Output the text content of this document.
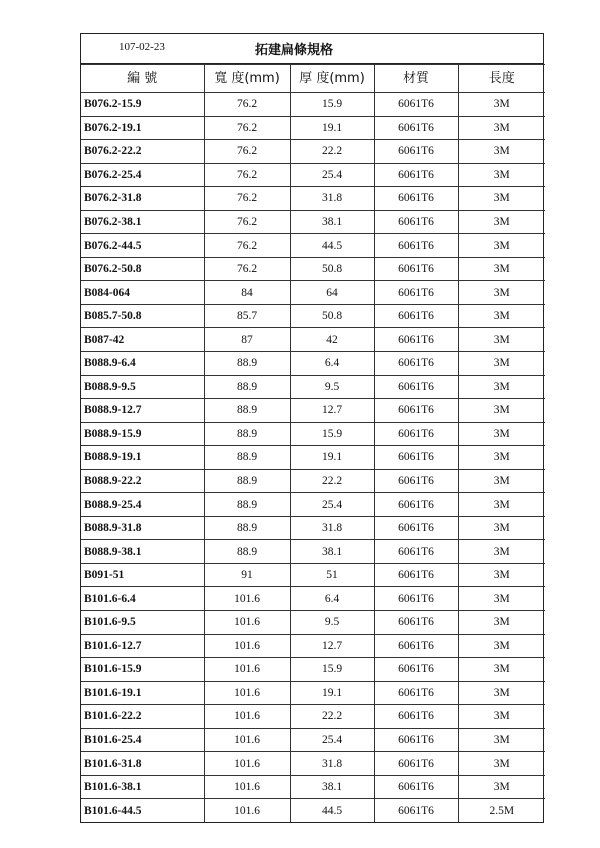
107-02-23	拓建扁條規格
編 號	寬 度(mm)	厚 度(mm)	材質	長度
B076.2-15.9	76.2	15.9	6061T6	3M
B076.2-19.1	76.2	19.1	6061T6	3M
B076.2-22.2	76.2	22.2	6061T6	3M
B076.2-25.4	76.2	25.4	6061T6	3M
B076.2-31.8	76.2	31.8	6061T6	3M
B076.2-38.1	76.2	38.1	6061T6	3M
B076.2-44.5	76.2	44.5	6061T6	3M
B076.2-50.8	76.2	50.8	6061T6	3M
B084-064	84	64	6061T6	3M
B085.7-50.8	85.7	50.8	6061T6	3M
B087-42	87	42	6061T6	3M
B088.9-6.4	88.9	6.4	6061T6	3M
B088.9-9.5	88.9	9.5	6061T6	3M
B088.9-12.7	88.9	12.7	6061T6	3M
B088.9-15.9	88.9	15.9	6061T6	3M
B088.9-19.1	88.9	19.1	6061T6	3M
B088.9-22.2	88.9	22.2	6061T6	3M
B088.9-25.4	88.9	25.4	6061T6	3M
B088.9-31.8	88.9	31.8	6061T6	3M
B088.9-38.1	88.9	38.1	6061T6	3M
B091-51	91	51	6061T6	3M
B101.6-6.4	101.6	6.4	6061T6	3M
B101.6-9.5	101.6	9.5	6061T6	3M
B101.6-12.7	101.6	12.7	6061T6	3M
B101.6-15.9	101.6	15.9	6061T6	3M
B101.6-19.1	101.6	19.1	6061T6	3M
B101.6-22.2	101.6	22.2	6061T6	3M
B101.6-25.4	101.6	25.4	6061T6	3M
B101.6-31.8	101.6	31.8	6061T6	3M
B101.6-38.1	101.6	38.1	6061T6	3M
B101.6-44.5	101.6	44.5	6061T6	2.5M
